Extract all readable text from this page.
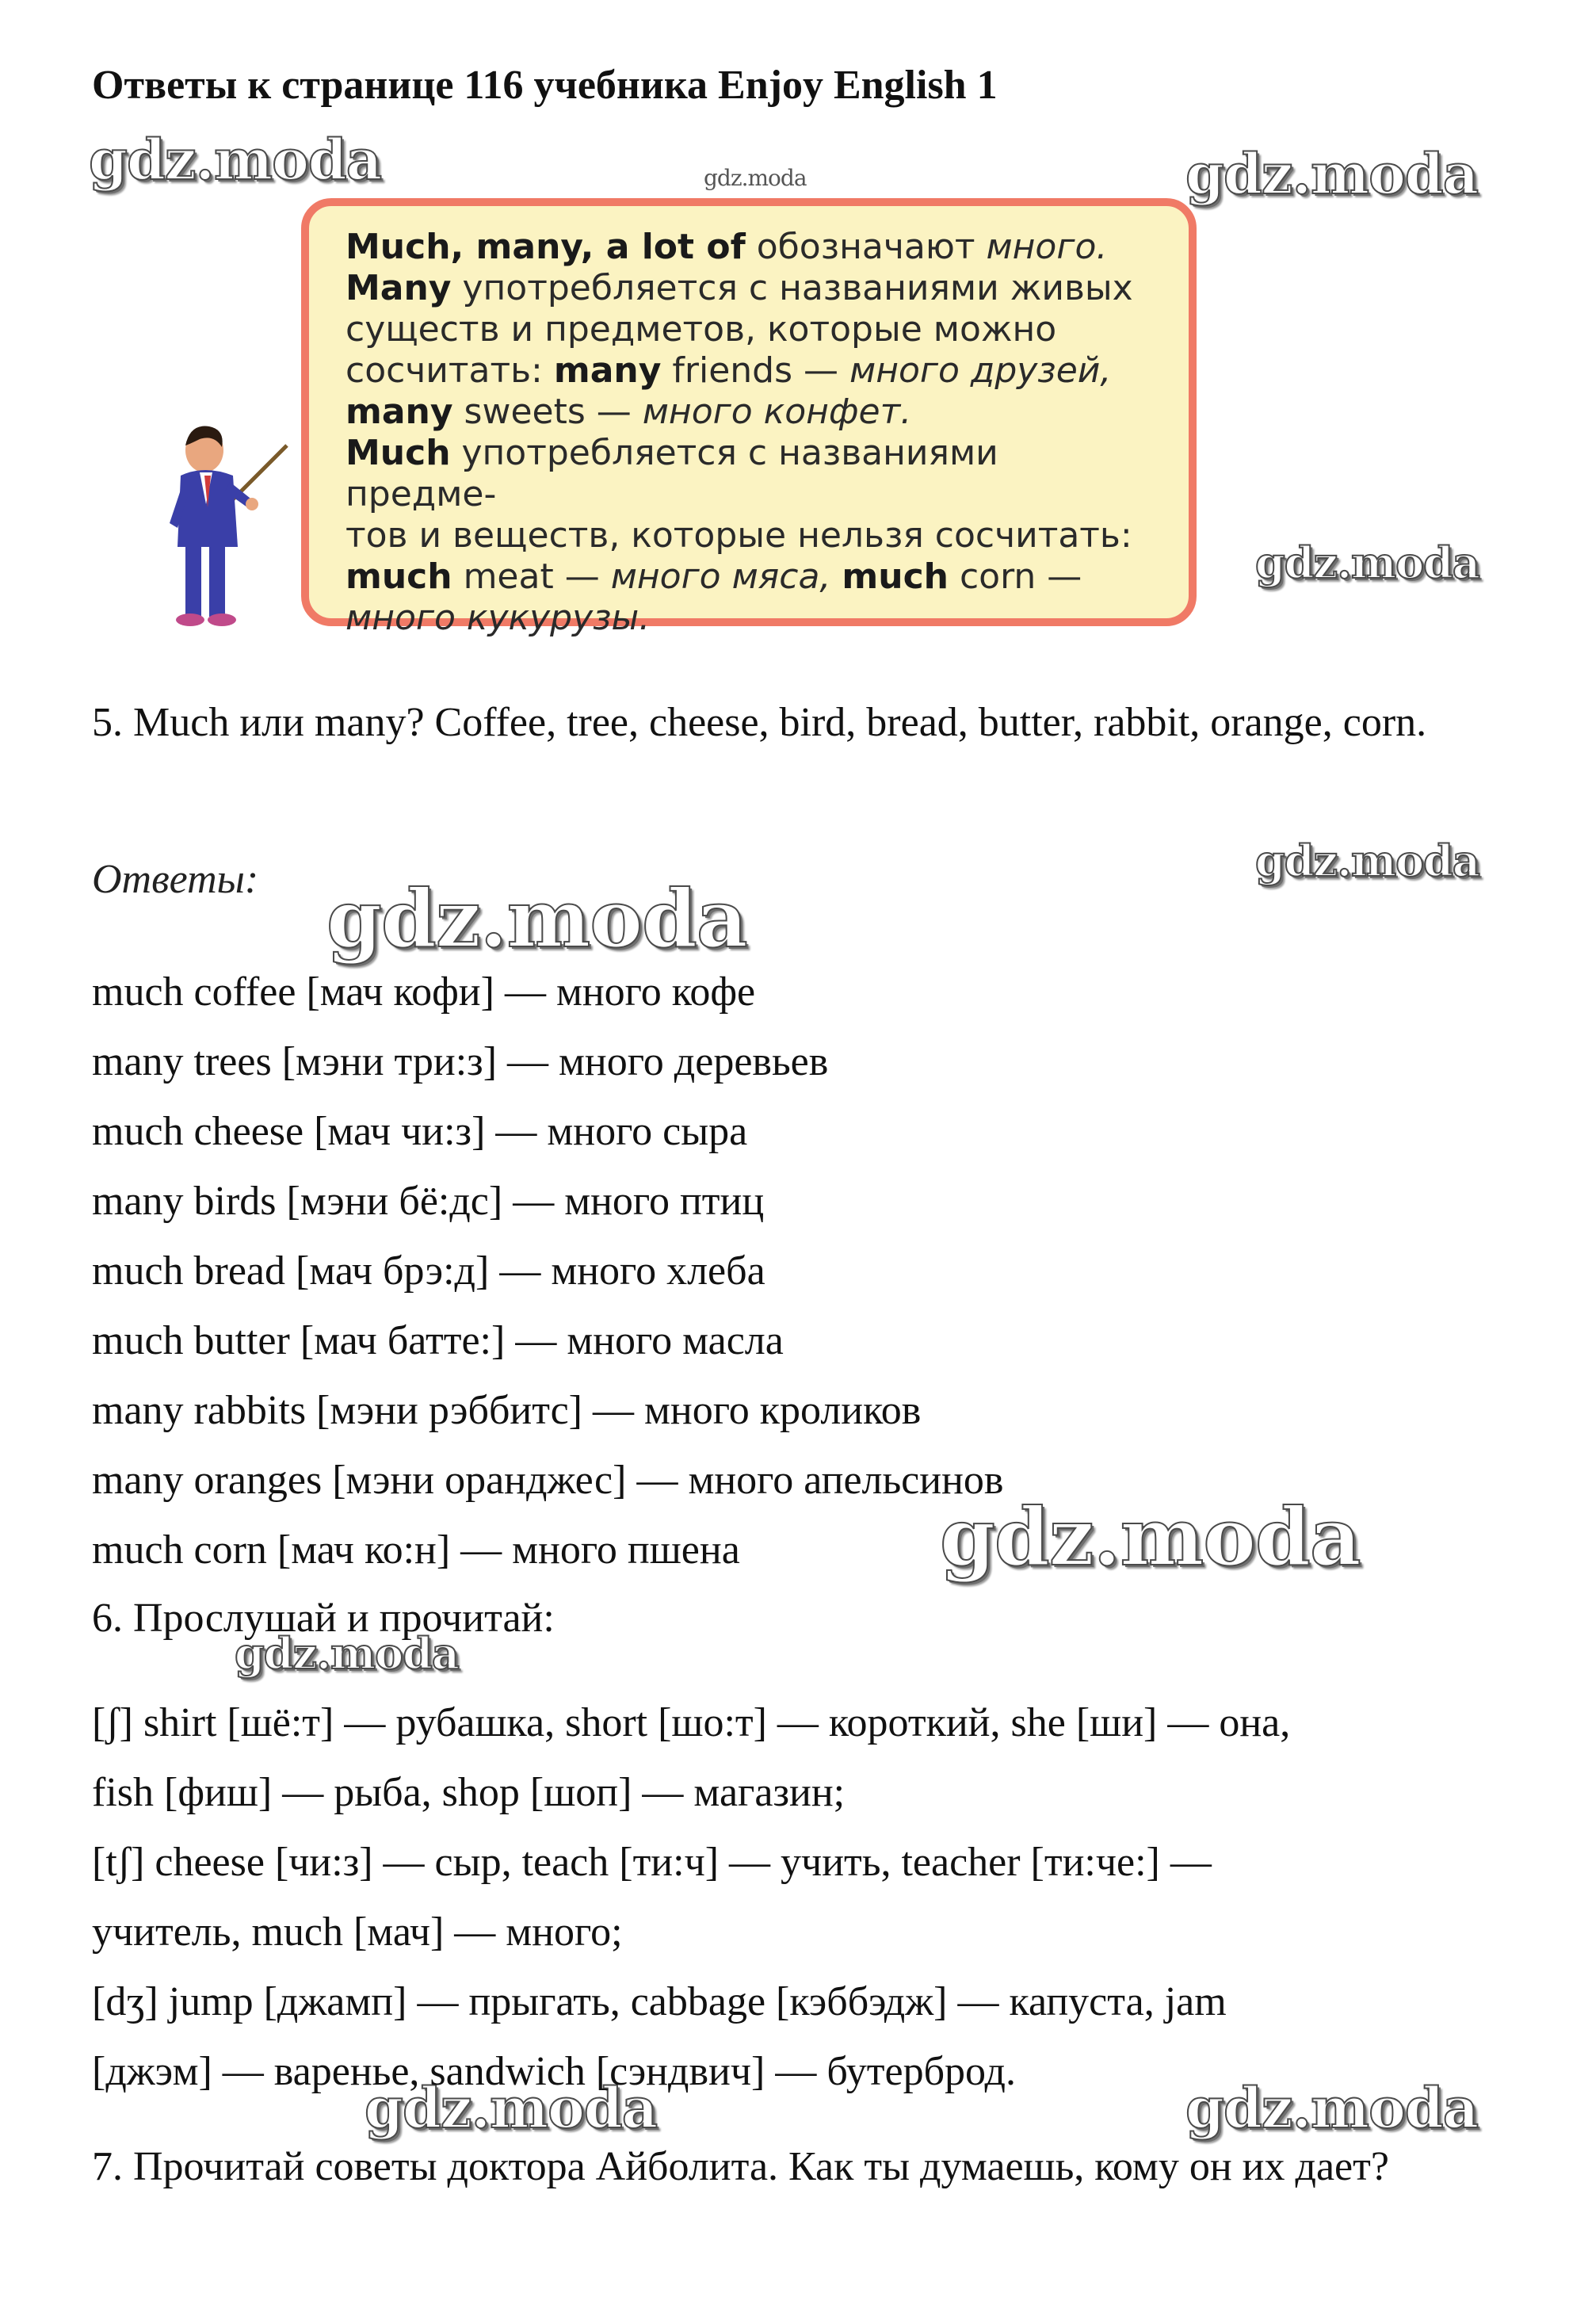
Ответы к странице 116 учебника Enjoy English 1
gdz.moda	gdz.moda
gdz.moda
gdz.moda
gdz.moda
gdz.moda
gdz.moda
gdz.moda
gdz.moda	gdz.moda

Much, many, a lot of обозначают много.

Many употребляется с названиями живых

существ и предметов, которые можно

сосчитать: many friends — много друзей,

many sweets — много конфет.

Much употребляется с названиями предме-

тов и веществ, которые нельзя сосчитать:

much meat — много мяса, much corn —

много кукурузы.

5. Much или many? Coffee, tree, cheese, bird, bread, butter, rabbit, orange, corn.
Ответы:
much coffee [мач кофи] — много кофе
many trees [мэни три:з] — много деревьев
much cheese [мач чи:з] — много сыра
many birds [мэни бё:дс] — много птиц
much bread [мач брэ:д] — много хлеба
much butter [мач батте:] — много масла
many rabbits [мэни рэббитс] — много кроликов
many oranges [мэни оранджес] — много апельсинов
much corn [мач ко:н] — много пшена
6. Прослушай и прочитай:
[ʃ] shirt [шё:т] — рубашка, short [шо:т] — короткий, she [ши] — она,
fish [фиш] — рыба, shop [шоп] — магазин;
[tʃ] cheese [чи:з] — сыр, teach [ти:ч] — учить, teacher [ти:че:] —
учитель, much [мач] — много;
[dʒ] jump [джамп] — прыгать, cabbage [кэббэдж] — капуста, jam
[джэм] — варенье, sandwich [сэндвич] — бутерброд.
7. Прочитай советы доктора Айболита. Как ты думаешь, кому он их дает?
